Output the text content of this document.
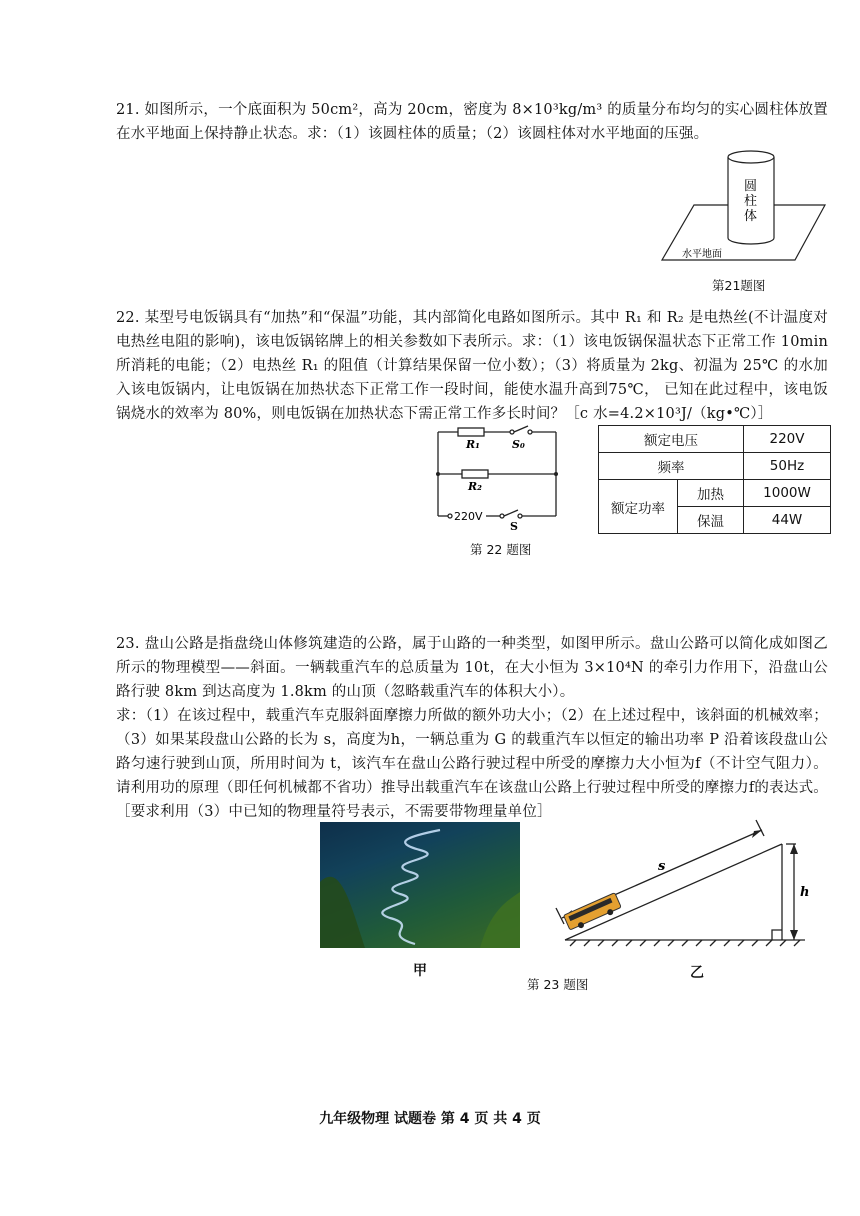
21. 如图所示，一个底面积为 50cm²，高为 20cm，密度为 8×10³kg/m³ 的质量分布均匀的实心圆柱体放置在水平地面上保持静止状态。求：（1）该圆柱体的质量；（2）该圆柱体对水平地面的压强。
圆
柱
体
水平地面
第21题图
22. 某型号电饭锅具有“加热”和“保温”功能，其内部简化电路如图所示。其中 R₁ 和 R₂ 是电热丝(不计温度对电热丝电阻的影响)，该电饭锅铭牌上的相关参数如下表所示。求：（1）该电饭锅保温状态下正常工作 10min 所消耗的电能；（2）电热丝 R₁ 的阻值（计算结果保留一位小数）；（3）将质量为 2kg、初温为 25℃ 的水加入该电饭锅内，让电饭锅在加热状态下正常工作一段时间，能使水温升高到75℃， 已知在此过程中，该电饭锅烧水的效率为 80%，则电饭锅在加热状态下需正常工作多长时间？［c 水=4.2×10³J/（kg•℃）］
R₁	S₀
R₂
S
220V
额定电压		220V
频率		50Hz
额定功率	加热	1000W
	保温	44W
第 22 题图
23. 盘山公路是指盘绕山体修筑建造的公路，属于山路的一种类型，如图甲所示。盘山公路可以简化成如图乙所示的物理模型——斜面。一辆载重汽车的总质量为 10t，在大小恒为 3×10⁴N 的牵引力作用下，沿盘山公路行驶 8km 到达高度为 1.8km 的山顶（忽略载重汽车的体积大小）。
求：（1）在该过程中，载重汽车克服斜面摩擦力所做的额外功大小；（2）在上述过程中，该斜面的机械效率；（3）如果某段盘山公路的长为 s，高度为h，一辆总重为 G 的载重汽车以恒定的输出功率 P 沿着该段盘山公路匀速行驶到山顶，所用时间为 t，该汽车在盘山公路行驶过程中所受的摩擦力大小恒为f（不计空气阻力）。请利用功的原理（即任何机械都不省功）推导出载重汽车在该盘山公路上行驶过程中所受的摩擦力f的表达式。［要求利用（3）中已知的物理量符号表示，不需要带物理量单位］
甲
s
h
乙
第 23 题图
九年级物理 试题卷 第 4 页 共 4 页
